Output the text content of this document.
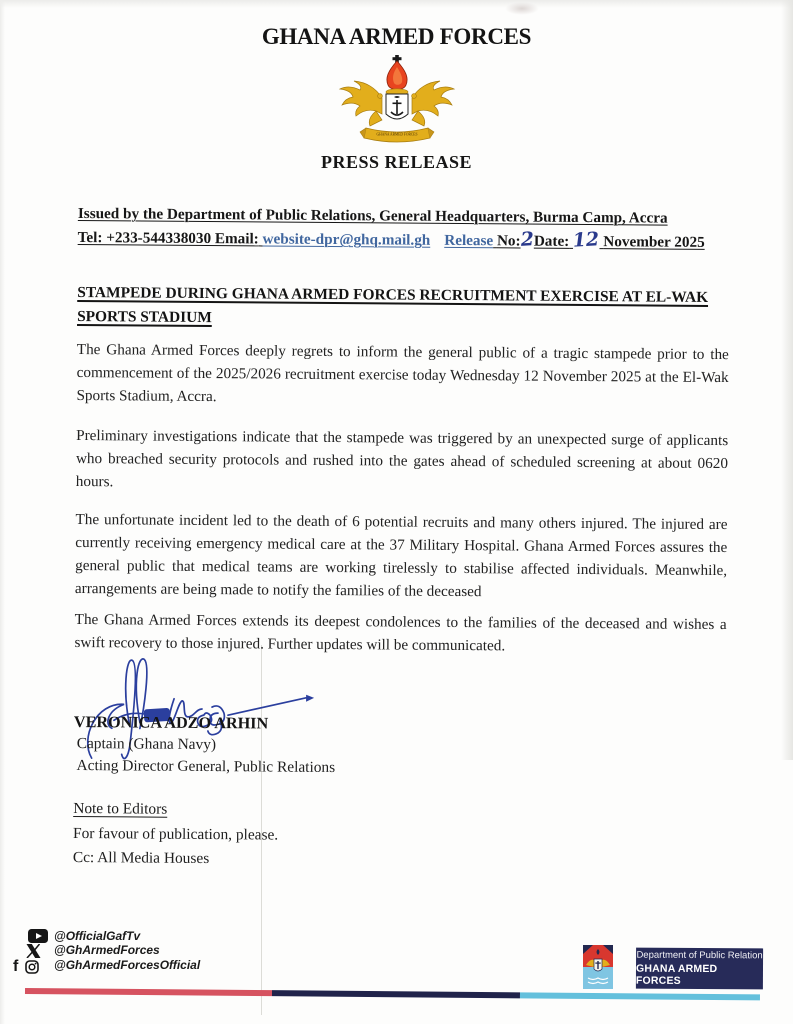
GHANA ARMED FORCES
GHANA ARMED FORCES
PRESS RELEASE
Issued by the Department of Public Relations, General Headquarters, Burma Camp, Accra
Tel: +233-544338030 Email: website-dpr@ghq.mail.gh Release No:2Date: 12 November 2025
STAMPEDE DURING GHANA ARMED FORCES RECRUITMENT EXERCISE AT EL-WAK SPORTS STADIUM

The Ghana Armed Forces deeply regrets to inform the general public of a tragic stampede prior to the commencement of the 2025/2026 recruitment exercise today Wednesday 12 November 2025 at the El-Wak Sports Stadium, Accra.

Preliminary investigations indicate that the stampede was triggered by an unexpected surge of applicants who breached security protocols and rushed into the gates ahead of scheduled screening at about 0620 hours.

The unfortunate incident led to the death of 6 potential recruits and many others injured. The injured are currently receiving emergency medical care at the 37 Military Hospital. Ghana Armed Forces assures the general public that medical teams are working tirelessly to stabilise affected individuals. Meanwhile, arrangements are being made to notify the families of the deceased

The Ghana Armed Forces extends its deepest condolences to the families of the deceased and wishes a swift recovery to those injured. Further updates will be communicated.

VERONICA ADZO ARHIN
Captain (Ghana Navy)
Acting Director General, Public Relations
Note to Editors
For favour of publication, please.
Cc: All Media Houses
f
@OfficialGafTv
@GhArmedForces
@GhArmedForcesOfficial
Department of Public Relation
GHANA ARMED FORCES
